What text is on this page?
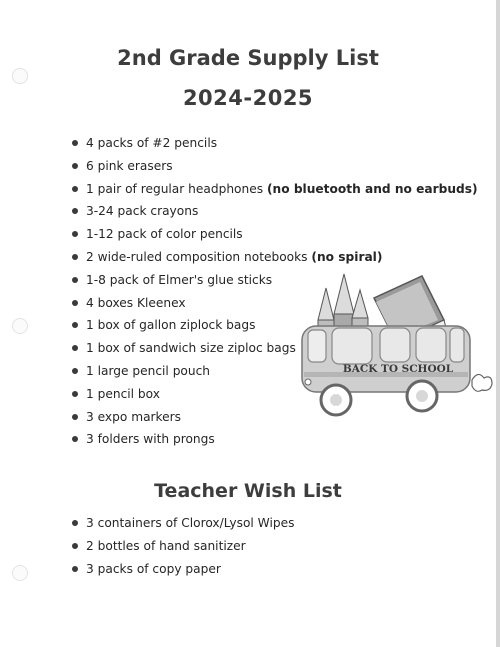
2nd Grade Supply List
2024-2025
4 packs of #2 pencils
6 pink erasers
1 pair of regular headphones (no bluetooth and no earbuds)
3-24 pack crayons
1-12 pack of color pencils
2 wide-ruled composition notebooks (no spiral)
1-8 pack of Elmer's glue sticks
4 boxes Kleenex
1 box of gallon ziplock bags
1 box of sandwich size ziploc bags
1 large pencil pouch
1 pencil box
3 expo markers
3 folders with prongs
BACK TO SCHOOL
Teacher Wish List
3 containers of Clorox/Lysol Wipes
2 bottles of hand sanitizer
3 packs of copy paper
